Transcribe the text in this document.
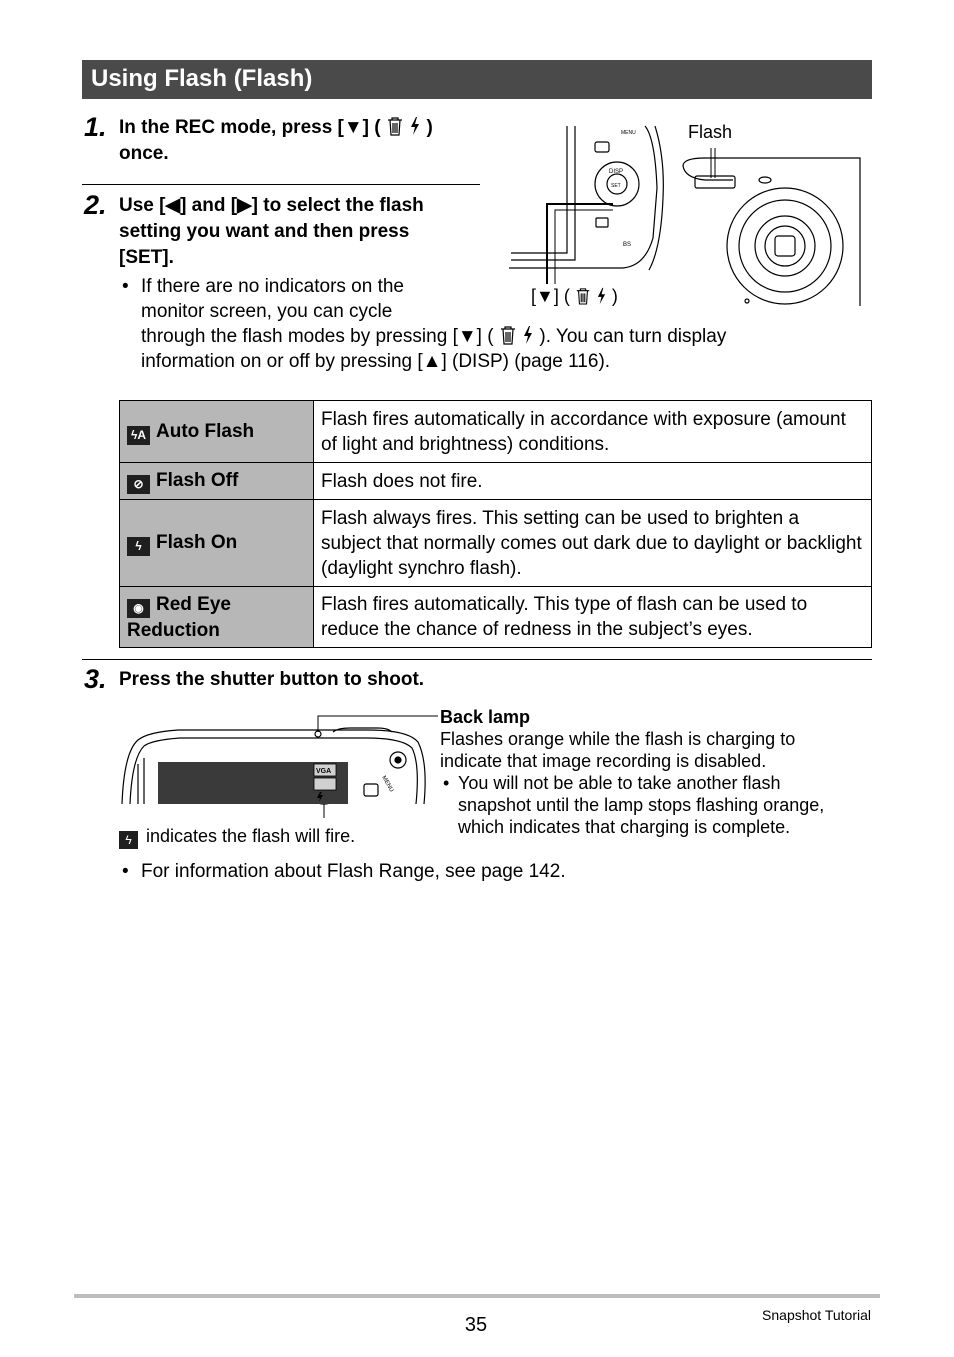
Using Flash (Flash)
1. In the REC mode, press [▼] ( )
once.
2. Use [◀] and [▶] to select the flash
setting you want and then press
[SET].
• If there are no indicators on the
monitor screen, you can cycle
through the flash modes by pressing [▼] ( ). You can turn display
information on or off by pressing [▲] (DISP) (page 116).
MENU
DISP
SET
BS
Flash
[▼] ( )
ϟA Auto Flash	Flash fires automatically in accordance with exposure (amount of light and brightness) conditions.
⊘ Flash Off	Flash does not fire.
ϟ Flash On	Flash always fires. This setting can be used to brighten a subject that normally comes out dark due to daylight or backlight (daylight synchro flash).
◉ Red Eye Reduction	Flash fires automatically. This type of flash can be used to reduce the chance of redness in the subject’s eyes.
3. Press the shutter button to shoot.
VGA
MENU
ϟ indicates the flash will fire.
Back lamp
Flashes orange while the flash is charging to
indicate that image recording is disabled.
• You will not be able to take another flash
snapshot until the lamp stops flashing orange,
which indicates that charging is complete.
• For information about Flash Range, see page 142.
35	Snapshot Tutorial
